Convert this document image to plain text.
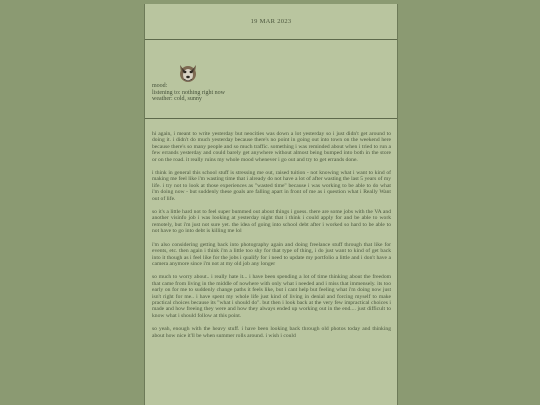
19 MAR 2023
mood:
listening to: nothing right now
weather: cold, sunny

hi again, i meant to write yesterday but neocities was down a lot yesterday so i just didn't get around to doing it. i didn't do much yesterday because there's no point in going out into town on the weekend here because there's so many people and so much traffic. something i was reminded about when i tried to run a few errands yesterday and could barely get anywhere without almost being bumped into both in the store or on the road. it really ruins my whole mood whenever i go out and try to get errands done.

i think in general this school stuff is stressing me out, raised tuition - not knowing what i want to kind of making me feel like i'm wasting time that i already do not have a lot of after wasting the last 5 years of my life. i try not to look at those experiences as "wasted time" because i was working to be able to do what i'm doing now - but suddenly these goals are falling apart in front of me as i question what i Really Want out of life.

so it's a little hard not to feel super bummed out about things i guess. there are some jobs with the VA and another visinfo job i was looking at yesterday night that i think i could apply for and be able to work remotely, but i'm just not sure yet. the idea of going into school debt after i worked so hard to be able to not have to go into debt is killing me lol

i'm also considering getting back into photography again and doing freelance stuff through that like for events, etc. then again i think i'm a little too shy for that type of thing, i do just want to kind of get back into it though as i feel like for the jobs i qualify for i need to update my portfolio a little and i don't have a camera anymore since i'm not at my old job any longer

so much to worry about.. i really hate it... i have been spending a lot of time thinking about the freedom that came from living in the middle of nowhere with only what i needed and i miss that immensely. its too early on for me to suddenly change paths it feels like, but i cant help but feeling what i'm doing now just isn't right for me.. i have spent my whole life just kind of living in denial and forcing myself to make practical choices because its "what i should do". but then i look back at the very few impractical choices i made and how freeing they were and how they always ended up working out in the end.... just difficult to know what i should follow at this point.

so yeah, enough with the heavy stuff. i have been looking back through old photos today and thinking about how nice it'll be when summer rolls around. i wish i could
